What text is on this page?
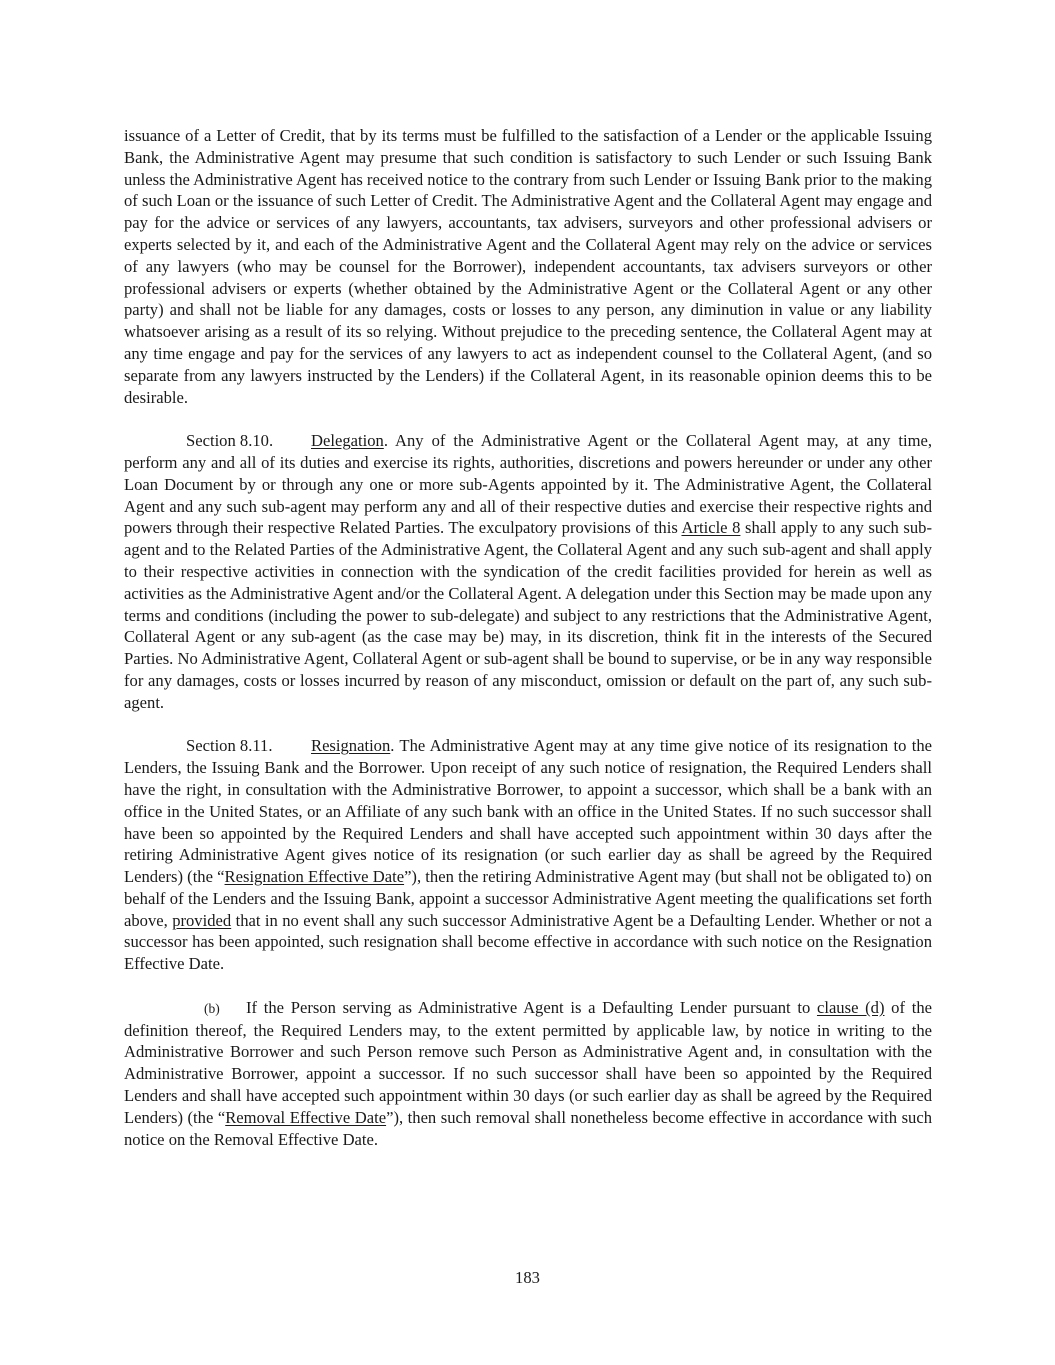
issuance of a Letter of Credit, that by its terms must be fulfilled to the satisfaction of a Lender or the applicable Issuing Bank, the Administrative Agent may presume that such condition is satisfactory to such Lender or such Issuing Bank unless the Administrative Agent has received notice to the contrary from such Lender or Issuing Bank prior to the making of such Loan or the issuance of such Letter of Credit. The Administrative Agent and the Collateral Agent may engage and pay for the advice or services of any lawyers, accountants, tax advisers, surveyors and other professional advisers or experts selected by it, and each of the Administrative Agent and the Collateral Agent may rely on the advice or services of any lawyers (who may be counsel for the Borrower), independent accountants, tax advisers surveyors or other professional advisers or experts (whether obtained by the Administrative Agent or the Collateral Agent or any other party) and shall not be liable for any damages, costs or losses to any person, any diminution in value or any liability whatsoever arising as a result of its so relying. Without prejudice to the preceding sentence, the Collateral Agent may at any time engage and pay for the services of any lawyers to act as independent counsel to the Collateral Agent, (and so separate from any lawyers instructed by the Lenders) if the Collateral Agent, in its reasonable opinion deems this to be desirable.

Section 8.10. Delegation. Any of the Administrative Agent or the Collateral Agent may, at any time, perform any and all of its duties and exercise its rights, authorities, discretions and powers hereunder or under any other Loan Document by or through any one or more sub-Agents appointed by it. The Administrative Agent, the Collateral Agent and any such sub-agent may perform any and all of their respective duties and exercise their respective rights and powers through their respective Related Parties. The exculpatory provisions of this Article 8 shall apply to any such sub-agent and to the Related Parties of the Administrative Agent, the Collateral Agent and any such sub-agent and shall apply to their respective activities in connection with the syndication of the credit facilities provided for herein as well as activities as the Administrative Agent and/or the Collateral Agent. A delegation under this Section may be made upon any terms and conditions (including the power to sub-delegate) and subject to any restrictions that the Administrative Agent, Collateral Agent or any sub-agent (as the case may be) may, in its discretion, think fit in the interests of the Secured Parties. No Administrative Agent, Collateral Agent or sub-agent shall be bound to supervise, or be in any way responsible for any damages, costs or losses incurred by reason of any misconduct, omission or default on the part of, any such sub-agent.

Section 8.11. Resignation. The Administrative Agent may at any time give notice of its resignation to the Lenders, the Issuing Bank and the Borrower. Upon receipt of any such notice of resignation, the Required Lenders shall have the right, in consultation with the Administrative Borrower, to appoint a successor, which shall be a bank with an office in the United States, or an Affiliate of any such bank with an office in the United States. If no such successor shall have been so appointed by the Required Lenders and shall have accepted such appointment within 30 days after the retiring Administrative Agent gives notice of its resignation (or such earlier day as shall be agreed by the Required Lenders) (the “Resignation Effective Date”), then the retiring Administrative Agent may (but shall not be obligated to) on behalf of the Lenders and the Issuing Bank, appoint a successor Administrative Agent meeting the qualifications set forth above, provided that in no event shall any such successor Administrative Agent be a Defaulting Lender. Whether or not a successor has been appointed, such resignation shall become effective in accordance with such notice on the Resignation Effective Date.

(b) If the Person serving as Administrative Agent is a Defaulting Lender pursuant to clause (d) of the definition thereof, the Required Lenders may, to the extent permitted by applicable law, by notice in writing to the Administrative Borrower and such Person remove such Person as Administrative Agent and, in consultation with the Administrative Borrower, appoint a successor. If no such successor shall have been so appointed by the Required Lenders and shall have accepted such appointment within 30 days (or such earlier day as shall be agreed by the Required Lenders) (the “Removal Effective Date”), then such removal shall nonetheless become effective in accordance with such notice on the Removal Effective Date.

183
